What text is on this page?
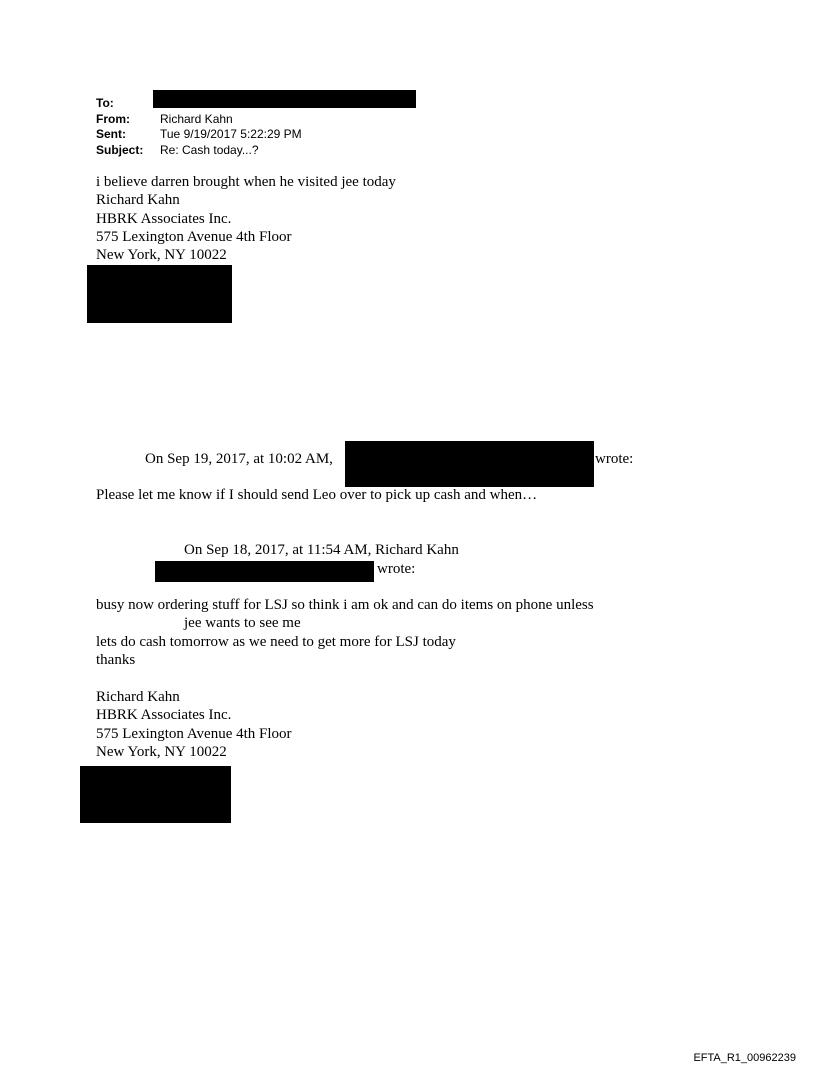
To:
From:	Richard Kahn
Sent:	Tue 9/19/2017 5:22:29 PM
Subject: Re: Cash today...?
i believe darren brought when he visited jee today
Richard Kahn
HBRK Associates Inc.
575 Lexington Avenue 4th Floor
New York, NY 10022
On Sep 19, 2017, at 10:02 AM,	wrote:
Please let me know if I should send Leo over to pick up cash and when…
On Sep 18, 2017, at 11:54 AM, Richard Kahn
wrote:
busy now ordering stuff for LSJ so think i am ok and can do items on phone unless
jee wants to see me
lets do cash tomorrow as we need to get more for LSJ today
thanks
Richard Kahn
HBRK Associates Inc.
575 Lexington Avenue 4th Floor
New York, NY 10022
EFTA_R1_00962239
